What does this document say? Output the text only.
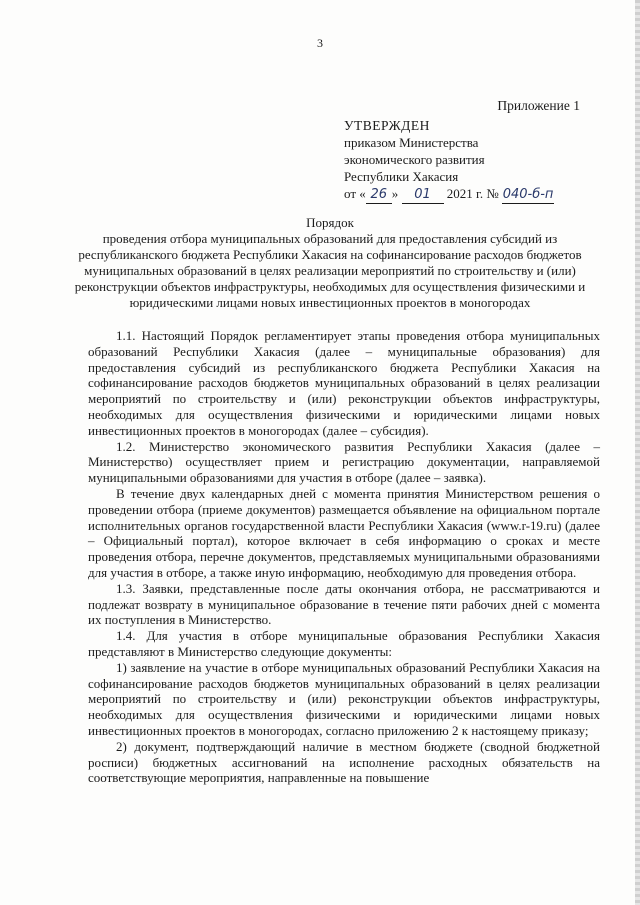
3
Приложение 1
УТВЕРЖДЕН
приказом Министерства
экономического развития
Республики Хакасия
от « 26 » 01 2021 г. № 040-б-п
Порядок
проведения отбора муниципальных образований для предоставления субсидий из республиканского бюджета Республики Хакасия на софинансирование расходов бюджетов муниципальных образований в целях реализации мероприятий по строительству и (или) реконструкции объектов инфраструктуры, необходимых для осуществления физическими и юридическими лицами новых инвестиционных проектов в моногородах

1.1. Настоящий Порядок регламентирует этапы проведения отбора муниципальных образований Республики Хакасия (далее – муниципальные образования) для предоставления субсидий из республиканского бюджета Республики Хакасия на софинансирование расходов бюджетов муниципальных образований в целях реализации мероприятий по строительству и (или) реконструкции объектов инфраструктуры, необходимых для осуществления физическими и юридическими лицами новых инвестиционных проектов в моногородах (далее – субсидия).

1.2. Министерство экономического развития Республики Хакасия (далее – Министерство) осуществляет прием и регистрацию документации, направляемой муниципальными образованиями для участия в отборе (далее – заявка).

В течение двух календарных дней с момента принятия Министерством решения о проведении отбора (приеме документов) размещается объявление на официальном портале исполнительных органов государственной власти Республики Хакасия (www.r-19.ru) (далее – Официальный портал), которое включает в себя информацию о сроках и месте проведения отбора, перечне документов, представляемых муниципальными образованиями для участия в отборе, а также иную информацию, необходимую для проведения отбора.

1.3. Заявки, представленные после даты окончания отбора, не рассматриваются и подлежат возврату в муниципальное образование в течение пяти рабочих дней с момента их поступления в Министерство.

1.4. Для участия в отборе муниципальные образования Республики Хакасия представляют в Министерство следующие документы:

1) заявление на участие в отборе муниципальных образований Республики Хакасия на софинансирование расходов бюджетов муниципальных образований в целях реализации мероприятий по строительству и (или) реконструкции объектов инфраструктуры, необходимых для осуществления физическими и юридическими лицами новых инвестиционных проектов в моногородах, согласно приложению 2 к настоящему приказу;

2) документ, подтверждающий наличие в местном бюджете (сводной бюджетной росписи) бюджетных ассигнований на исполнение расходных обязательств на соответствующие мероприятия, направленные на повышение
